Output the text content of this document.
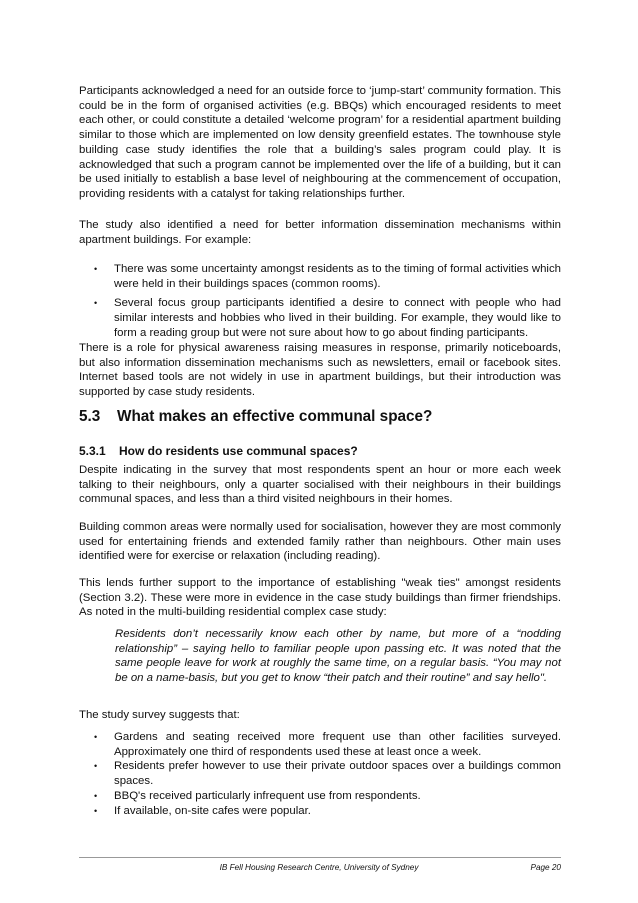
Participants acknowledged a need for an outside force to ‘jump-start’ community formation. This could be in the form of organised activities (e.g. BBQs) which encouraged residents to meet each other, or could constitute a detailed ‘welcome program’ for a residential apartment building similar to those which are implemented on low density greenfield estates. The townhouse style building case study identifies the role that a building’s sales program could play. It is acknowledged that such a program cannot be implemented over the life of a building, but it can be used initially to establish a base level of neighbouring at the commencement of occupation, providing residents with a catalyst for taking relationships further.

The study also identified a need for better information dissemination mechanisms within apartment buildings. For example:

• There was some uncertainty amongst residents as to the timing of formal activities which were held in their buildings spaces (common rooms).
• Several focus group participants identified a desire to connect with people who had similar interests and hobbies who lived in their building. For example, they would like to form a reading group but were not sure about how to go about finding participants.

There is a role for physical awareness raising measures in response, primarily noticeboards, but also information dissemination mechanisms such as newsletters, email or facebook sites. Internet based tools are not widely in use in apartment buildings, but their introduction was supported by case study residents.

5.3 What makes an effective communal space?
5.3.1 How do residents use communal spaces?

Despite indicating in the survey that most respondents spent an hour or more each week talking to their neighbours, only a quarter socialised with their neighbours in their buildings communal spaces, and less than a third visited neighbours in their homes.

Building common areas were normally used for socialisation, however they are most commonly used for entertaining friends and extended family rather than neighbours. Other main uses identified were for exercise or relaxation (including reading).

This lends further support to the importance of establishing "weak ties" amongst residents (Section 3.2). These were more in evidence in the case study buildings than firmer friendships. As noted in the multi-building residential complex case study:

Residents don’t necessarily know each other by name, but more of a “nodding relationship” – saying hello to familiar people upon passing etc. It was noted that the same people leave for work at roughly the same time, on a regular basis. “You may not be on a name-basis, but you get to know “their patch and their routine” and say hello".

The study survey suggests that:

• Gardens and seating received more frequent use than other facilities surveyed. Approximately one third of respondents used these at least once a week.
• Residents prefer however to use their private outdoor spaces over a buildings common spaces.
• BBQ's received particularly infrequent use from respondents.
• If available, on-site cafes were popular.
IB Fell Housing Research Centre, University of Sydney	Page 20
